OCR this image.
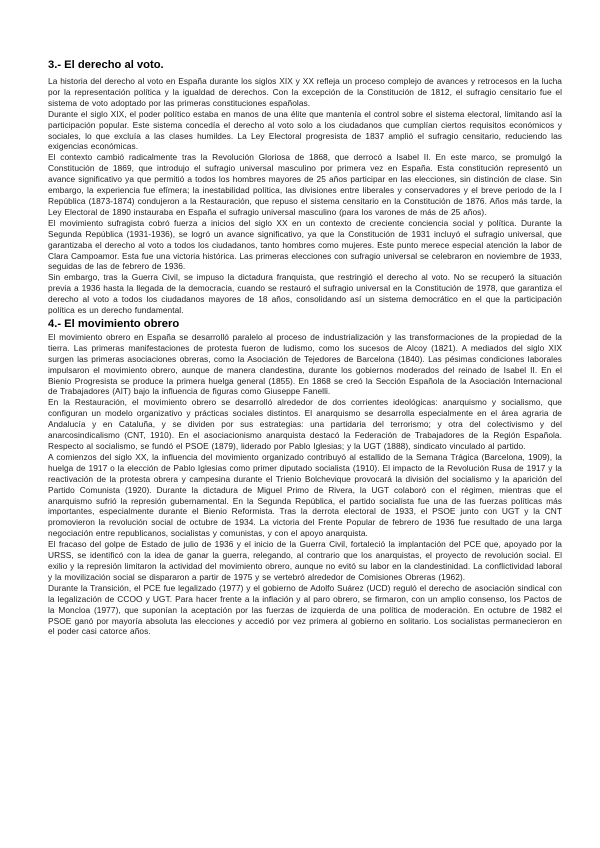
3.- El derecho al voto.

La historia del derecho al voto en España durante los siglos XIX y XX refleja un proceso complejo de avances y retrocesos en la lucha por la representación política y la igualdad de derechos. Con la excepción de la Constitución de 1812, el sufragio censitario fue el sistema de voto adoptado por las primeras constituciones españolas.

Durante el siglo XIX, el poder político estaba en manos de una élite que mantenía el control sobre el sistema electoral, limitando así la participación popular. Este sistema concedía el derecho al voto solo a los ciudadanos que cumplían ciertos requisitos económicos y sociales, lo que excluía a las clases humildes. La Ley Electoral progresista de 1837 amplió el sufragio censitario, reduciendo las exigencias económicas.

El contexto cambió radicalmente tras la Revolución Gloriosa de 1868, que derrocó a Isabel II. En este marco, se promulgó la Constitución de 1869, que introdujo el sufragio universal masculino por primera vez en España. Esta constitución representó un avance significativo ya que permitió a todos los hombres mayores de 25 años participar en las elecciones, sin distinción de clase. Sin embargo, la experiencia fue efímera; la inestabilidad política, las divisiones entre liberales y conservadores y el breve periodo de la I República (1873-1874) condujeron a la Restauración, que repuso el sistema censitario en la Constitución de 1876. Años más tarde, la Ley Electoral de 1890 instauraba en España el sufragio universal masculino (para los varones de más de 25 años).

El movimiento sufragista cobró fuerza a inicios del siglo XX en un contexto de creciente conciencia social y política. Durante la Segunda República (1931-1936), se logró un avance significativo, ya que la Constitución de 1931 incluyó el sufragio universal, que garantizaba el derecho al voto a todos los ciudadanos, tanto hombres como mujeres. Este punto merece especial atención la labor de Clara Campoamor. Esta fue una victoria histórica. Las primeras elecciones con sufragio universal se celebraron en noviembre de 1933, seguidas de las de febrero de 1936.

Sin embargo, tras la Guerra Civil, se impuso la dictadura franquista, que restringió el derecho al voto. No se recuperó la situación previa a 1936 hasta la llegada de la democracia, cuando se restauró el sufragio universal en la Constitución de 1978, que garantiza el derecho al voto a todos los ciudadanos mayores de 18 años, consolidando así un sistema democrático en el que la participación política es un derecho fundamental.

4.- El movimiento obrero

El movimiento obrero en España se desarrolló paralelo al proceso de industrialización y las transformaciones de la propiedad de la tierra. Las primeras manifestaciones de protesta fueron de ludismo, como los sucesos de Alcoy (1821). A mediados del siglo XIX surgen las primeras asociaciones obreras, como la Asociación de Tejedores de Barcelona (1840). Las pésimas condiciones laborales impulsaron el movimiento obrero, aunque de manera clandestina, durante los gobiernos moderados del reinado de Isabel II. En el Bienio Progresista se produce la primera huelga general (1855). En 1868 se creó la Sección Española de la Asociación Internacional de Trabajadores (AIT) bajo la influencia de figuras como Giuseppe Fanelli.

En la Restauración, el movimiento obrero se desarrolló alrededor de dos corrientes ideológicas: anarquismo y socialismo, que configuran un modelo organizativo y prácticas sociales distintos. El anarquismo se desarrolla especialmente en el área agraria de Andalucía y en Cataluña, y se dividen por sus estrategias: una partidaria del terrorismo; y otra del colectivismo y del anarcosindicalismo (CNT, 1910). En el asociacionismo anarquista destacó la Federación de Trabajadores de la Región Española. Respecto al socialismo, se fundó el PSOE (1879), liderado por Pablo Iglesias; y la UGT (1888), sindicato vinculado al partido.

A comienzos del siglo XX, la influencia del movimiento organizado contribuyó al estallido de la Semana Trágica (Barcelona, 1909), la huelga de 1917 o la elección de Pablo Iglesias como primer diputado socialista (1910). El impacto de la Revolución Rusa de 1917 y la reactivación de la protesta obrera y campesina durante el Trienio Bolchevique provocará la división del socialismo y la aparición del Partido Comunista (1920). Durante la dictadura de Miguel Primo de Rivera, la UGT colaboró con el régimen, mientras que el anarquismo sufrió la represión gubernamental. En la Segunda República, el partido socialista fue una de las fuerzas políticas más importantes, especialmente durante el Bienio Reformista. Tras la derrota electoral de 1933, el PSOE junto con UGT y la CNT promovieron la revolución social de octubre de 1934. La victoria del Frente Popular de febrero de 1936 fue resultado de una larga negociación entre republicanos, socialistas y comunistas, y con el apoyo anarquista.

El fracaso del golpe de Estado de julio de 1936 y el inicio de la Guerra Civil, fortaleció la implantación del PCE que, apoyado por la URSS, se identificó con la idea de ganar la guerra, relegando, al contrario que los anarquistas, el proyecto de revolución social. El exilio y la represión limitaron la actividad del movimiento obrero, aunque no evitó su labor en la clandestinidad. La conflictividad laboral y la movilización social se dispararon a partir de 1975 y se vertebró alrededor de Comisiones Obreras (1962).

Durante la Transición, el PCE fue legalizado (1977) y el gobierno de Adolfo Suárez (UCD) reguló el derecho de asociación sindical con la legalización de CCOO y UGT. Para hacer frente a la inflación y al paro obrero, se firmaron, con un amplio consenso, los Pactos de la Moncloa (1977), que suponían la aceptación por las fuerzas de izquierda de una política de moderación. En octubre de 1982 el PSOE ganó por mayoría absoluta las elecciones y accedió por vez primera al gobierno en solitario. Los socialistas permanecieron en el poder casi catorce años.
